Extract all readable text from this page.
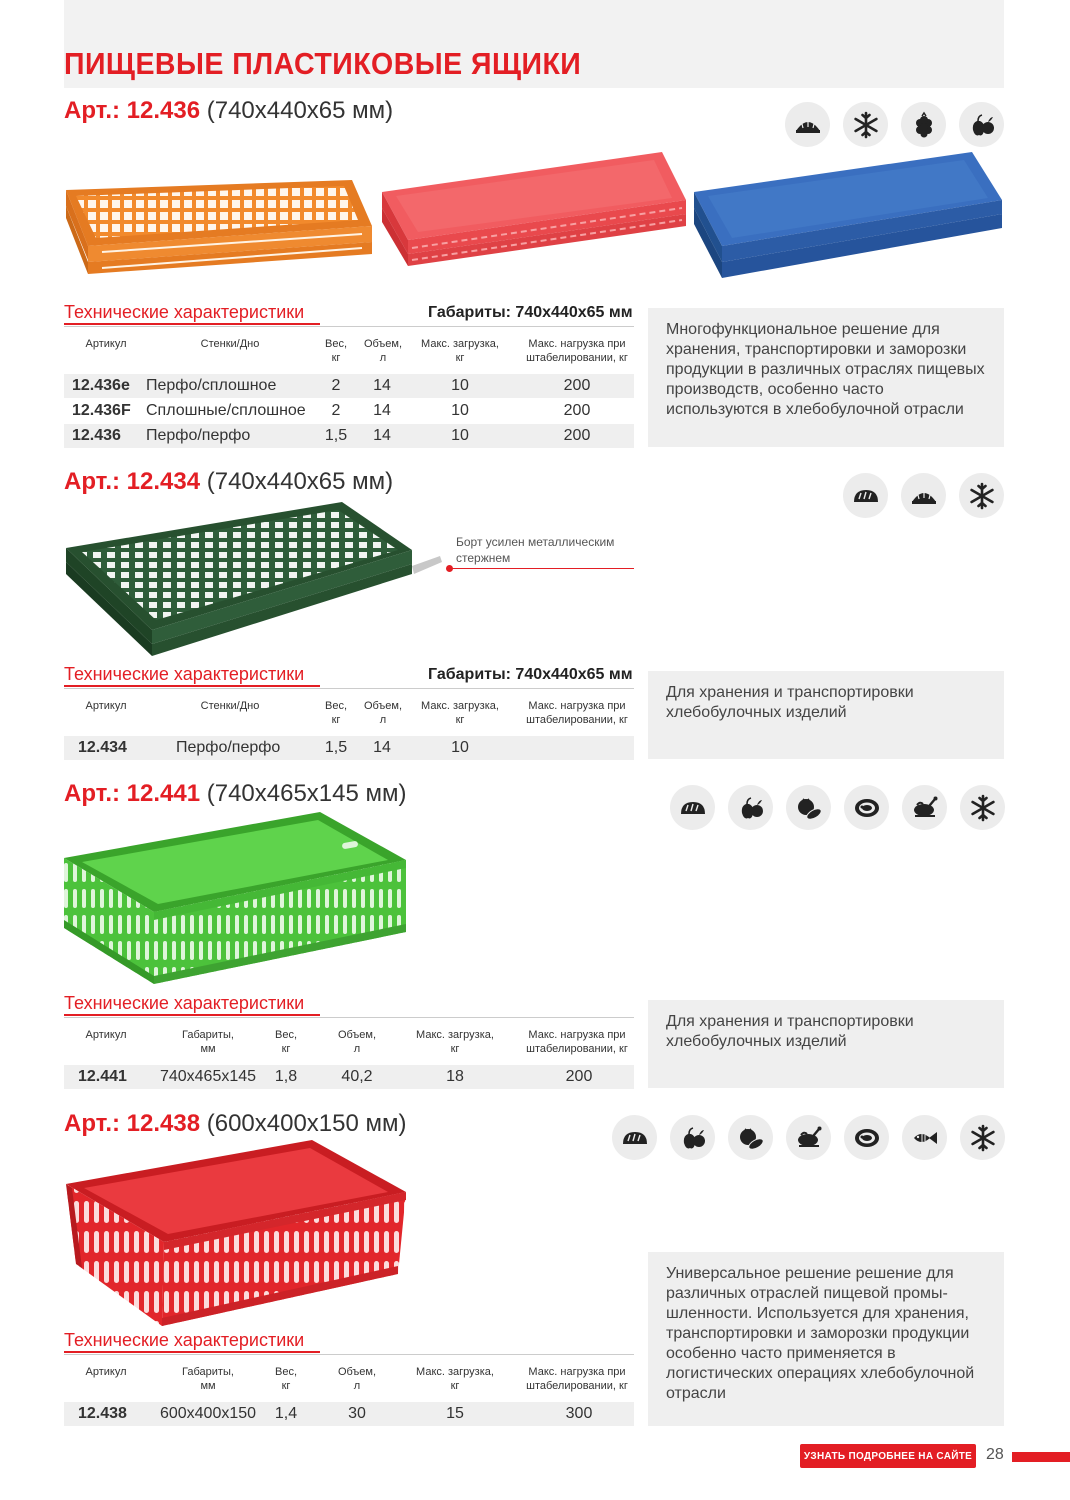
ПИЩЕВЫЕ ПЛАСТИКОВЫЕ ЯЩИКИ
Арт.: 12.436 (740х440х65 мм)
Технические характеристики	Габариты: 740х440х65 мм
Артикул	Стенки/Дно	Вес,
кг
Объем,
л
Макс. загрузка,
кг
Макс. нагрузка при
штабелировании, кг
12.436e Перфо/сплошное	2 14	10	200
12.436F Сплошные/сплошное 2 14	10	200
12.436 Перфо/перфо	1,5 14	10	200
Многофункциональное решение для хранения, транспортировки и заморозки продукции в различных отраслях пищевых производств, особенно часто используются в хлебобулочной отрасли
Арт.: 12.434 (740х440х65 мм)
Борт усилен металлическим стержнем
Технические характеристики	Габариты: 740х440х65 мм
Артикул	Стенки/Дно	Вес,
кг
Объем,
л
Макс. загрузка,
кг
Макс. нагрузка при
штабелировании, кг
12.434	Перфо/перфо	1,5 14	10
Для хранения и транспортировки хлебобулочных изделий
Арт.: 12.441 (740х465х145 мм)
Технические характеристики
Артикул	Габариты,
мм
Вес,
кг
Объем,
л
Макс. загрузка,
кг
Макс. нагрузка при
штабелировании, кг
12.441 740х465х145 1,8	40,2	18	200
Для хранения и транспортировки хлебобулочных изделий
Арт.: 12.438 (600х400х150 мм)
Технические характеристики
Артикул	Габариты,
мм
Вес,
кг
Объем,
л
Макс. загрузка,
кг
Макс. нагрузка при
штабелировании, кг
12.438 600х400х150 1,4	30	15	300
Универсальное решение решение для различных отраслей пищевой промы-шленности. Используется для хранения, транспортировки и заморозки продукции особенно часто применяется в логистических операциях хлебобулочной отрасли
УЗНАТЬ ПОДРОБНЕЕ НА САЙТЕ 28
